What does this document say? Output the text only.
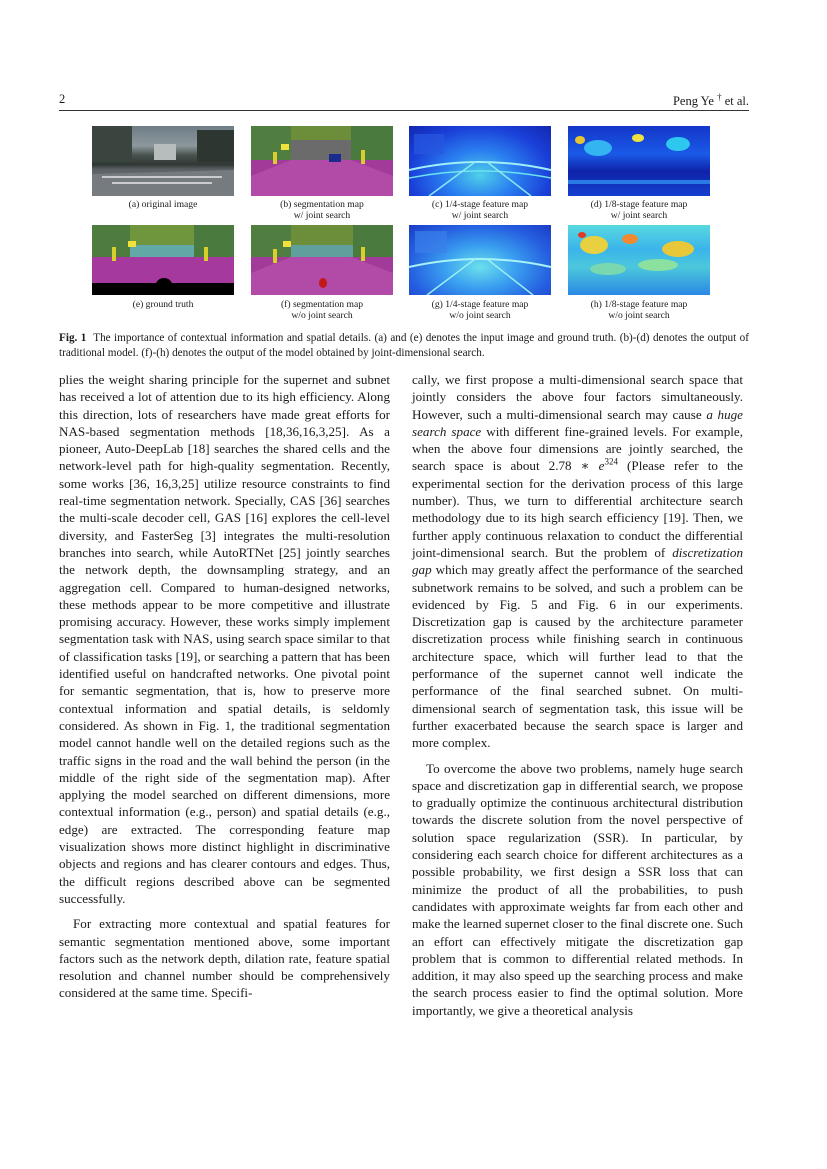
2	Peng Ye † et al.
(a) original image	(b) segmentation map
w/ joint search
(c) 1/4-stage feature map
w/ joint search
(d) 1/8-stage feature map
w/ joint search
(e) ground truth	(f) segmentation map
w/o joint search
(g) 1/4-stage feature map
w/o joint search
(h) 1/8-stage feature map
w/o joint search
Fig. 1 The importance of contextual information and spatial details. (a) and (e) denotes the input image and ground truth. (b)-(d) denotes the output of traditional model. (f)-(h) denotes the output of the model obtained by joint-dimensional search.

plies the weight sharing principle for the supernet and subnet has received a lot of attention due to its high efficiency. Along this direction, lots of researchers have made great efforts for NAS-based segmentation methods [18,36,16,3,25]. As a pioneer, Auto-DeepLab [18] searches the shared cells and the network-level path for high-quality segmentation. Recently, some works [36, 16,3,25] utilize resource constraints to find real-time segmentation network. Specially, CAS [36] searches the multi-scale decoder cell, GAS [16] explores the cell-level diversity, and FasterSeg [3] integrates the multi-resolution branches into search, while AutoRTNet [25] jointly searches the network depth, the downsampling strategy, and an aggregation cell. Compared to human-designed networks, these methods appear to be more competitive and illustrate promising accuracy. However, these works simply implement segmentation task with NAS, using search space similar to that of classification tasks [19], or searching a pattern that has been identified useful on handcrafted networks. One pivotal point for semantic segmentation, that is, how to preserve more contextual information and spatial details, is seldomly considered. As shown in Fig. 1, the traditional segmentation model cannot handle well on the detailed regions such as the traffic signs in the road and the wall behind the person (in the middle of the right side of the segmentation map). After applying the model searched on different dimensions, more contextual information (e.g., person) and spatial details (e.g., edge) are extracted. The corresponding feature map visualization shows more distinct highlight in discriminative objects and regions and has clearer contours and edges. Thus, the difficult regions described above can be segmented successfully.

For extracting more contextual and spatial features for semantic segmentation mentioned above, some important factors such as the network depth, dilation rate, feature spatial resolution and channel number should be comprehensively considered at the same time. Specifi-

cally, we first propose a multi-dimensional search space that jointly considers the above four factors simultaneously. However, such a multi-dimensional search may cause a huge search space with different fine-grained levels. For example, when the above four dimensions are jointly searched, the search space is about 2.78 ∗ $e^{324}$ (Please refer to the experimental section for the derivation process of this large number). Thus, we turn to differential architecture search methodology due to its high search efficiency [19]. Then, we further apply continuous relaxation to conduct the differential joint-dimensional search. But the problem of discretization gap which may greatly affect the performance of the searched subnetwork remains to be solved, and such a problem can be evidenced by Fig. 5 and Fig. 6 in our experiments. Discretization gap is caused by the architecture parameter discretization process while finishing search in continuous architecture space, which will further lead to that the performance of the supernet cannot well indicate the performance of the final searched subnet. On multi-dimensional search of segmentation task, this issue will be further exacerbated because the search space is larger and more complex.

To overcome the above two problems, namely huge search space and discretization gap in differential search, we propose to gradually optimize the continuous architectural distribution towards the discrete solution from the novel perspective of solution space regularization (SSR). In particular, by considering each search choice for different architectures as a possible probability, we first design a SSR loss that can minimize the product of all the probabilities, to push candidates with approximate weights far from each other and make the learned supernet closer to the final discrete one. Such an effort can effectively mitigate the discretization gap problem that is common to differential related methods. In addition, it may also speed up the searching process and make the search process easier to find the optimal solution. More importantly, we give a theoretical analysis
